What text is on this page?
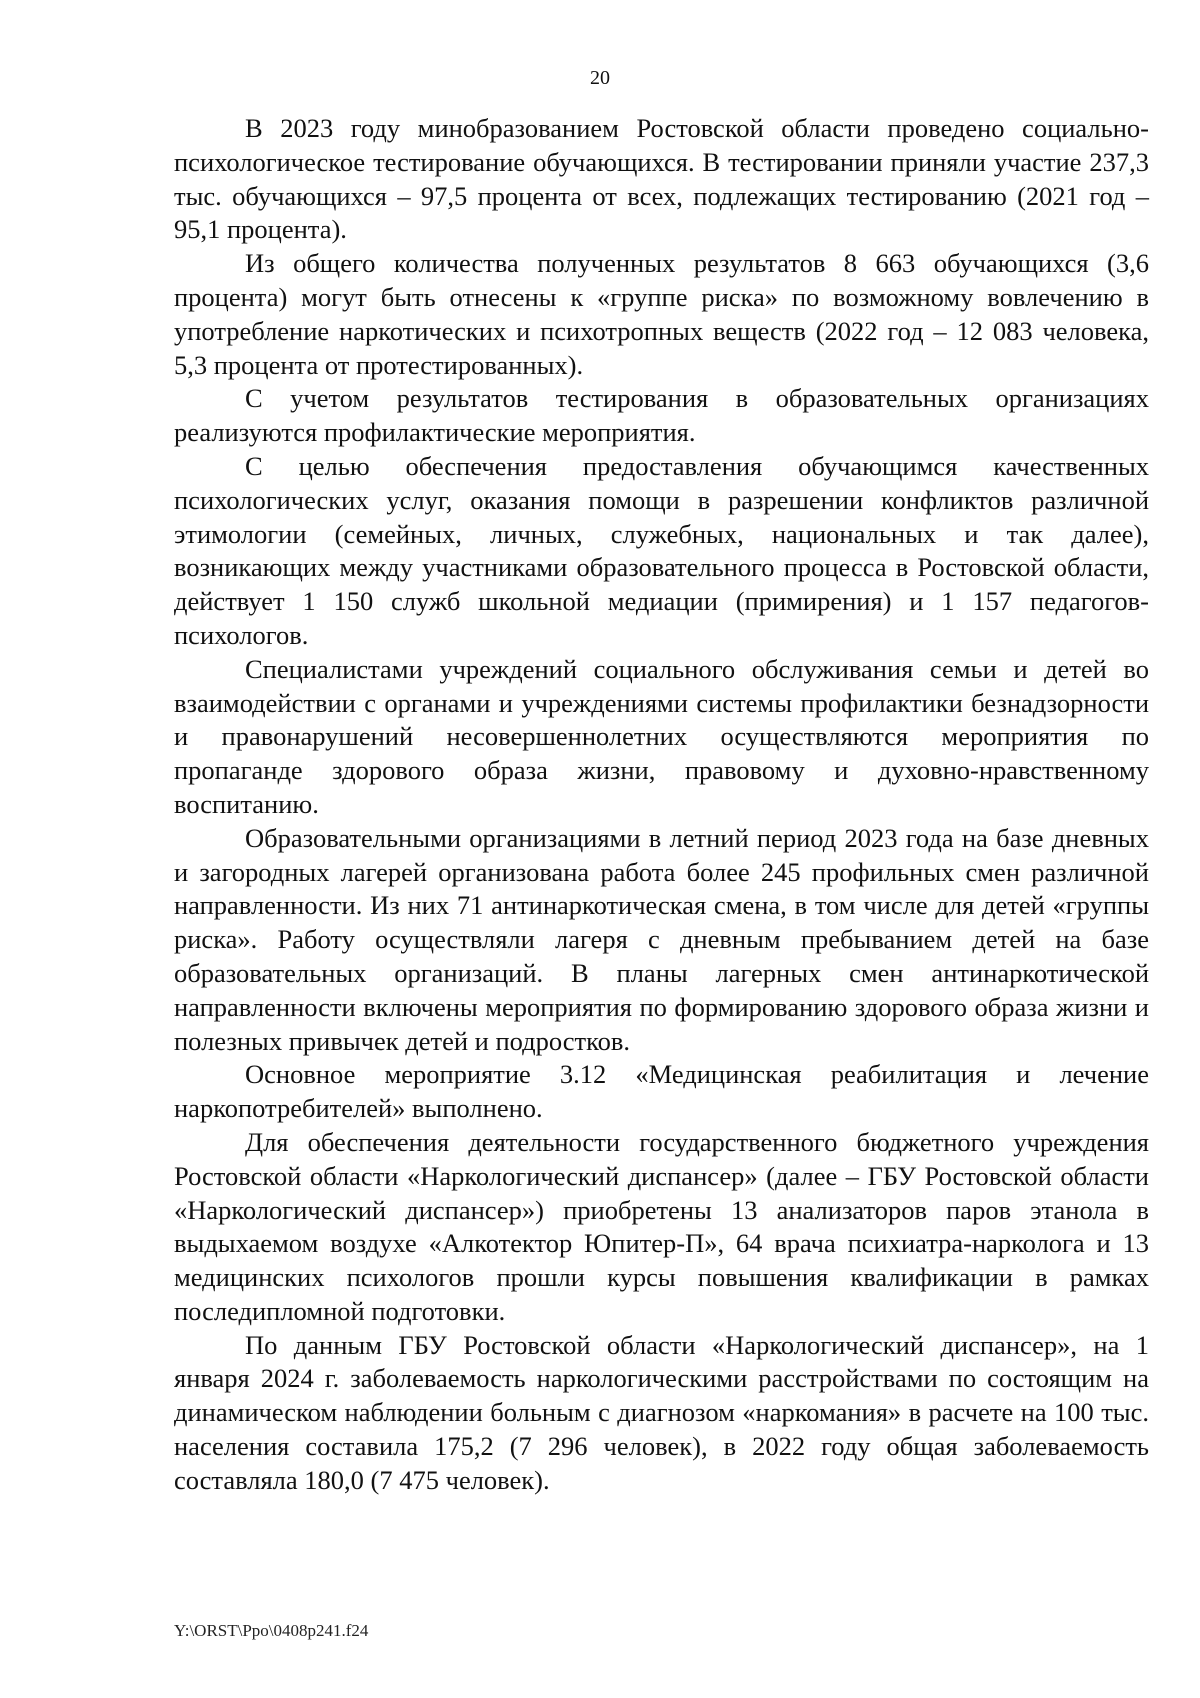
20

В 2023 году минобразованием Ростовской области проведено социально-психологическое тестирование обучающихся. В тестировании приняли участие 237,3 тыс. обучающихся – 97,5 процента от всех, подлежащих тестированию (2021 год – 95,1 процента).

Из общего количества полученных результатов 8 663 обучающихся (3,6 процента) могут быть отнесены к «группе риска» по возможному вовлечению в употребление наркотических и психотропных веществ (2022 год – 12 083 человека, 5,3 процента от протестированных).

С учетом результатов тестирования в образовательных организациях реализуются профилактические мероприятия.

С целью обеспечения предоставления обучающимся качественных психологических услуг, оказания помощи в разрешении конфликтов различной этимологии (семейных, личных, служебных, национальных и так далее), возникающих между участниками образовательного процесса в Ростовской области, действует 1 150 служб школьной медиации (примирения) и 1 157 педагогов-психологов.

Специалистами учреждений социального обслуживания семьи и детей во взаимодействии с органами и учреждениями системы профилактики безнадзорности и правонарушений несовершеннолетних осуществляются мероприятия по пропаганде здорового образа жизни, правовому и духовно-нравственному воспитанию.

Образовательными организациями в летний период 2023 года на базе дневных и загородных лагерей организована работа более 245 профильных смен различной направленности. Из них 71 антинаркотическая смена, в том числе для детей «группы риска». Работу осуществляли лагеря с дневным пребыванием детей на базе образовательных организаций. В планы лагерных смен антинаркотической направленности включены мероприятия по формированию здорового образа жизни и полезных привычек детей и подростков.

Основное мероприятие 3.12 «Медицинская реабилитация и лечение наркопотребителей» выполнено.

Для обеспечения деятельности государственного бюджетного учреждения Ростовской области «Наркологический диспансер» (далее – ГБУ Ростовской области «Наркологический диспансер») приобретены 13 анализаторов паров этанола в выдыхаемом воздухе «Алкотектор Юпитер-П», 64 врача психиатра-нарколога и 13 медицинских психологов прошли курсы повышения квалификации в рамках последипломной подготовки.

По данным ГБУ Ростовской области «Наркологический диспансер», на 1 января 2024 г. заболеваемость наркологическими расстройствами по состоящим на динамическом наблюдении больным с диагнозом «наркомания» в расчете на 100 тыс. населения составила 175,2 (7 296 человек), в 2022 году общая заболеваемость составляла 180,0 (7 475 человек).

Y:\ORST\Ppo\0408p241.f24
